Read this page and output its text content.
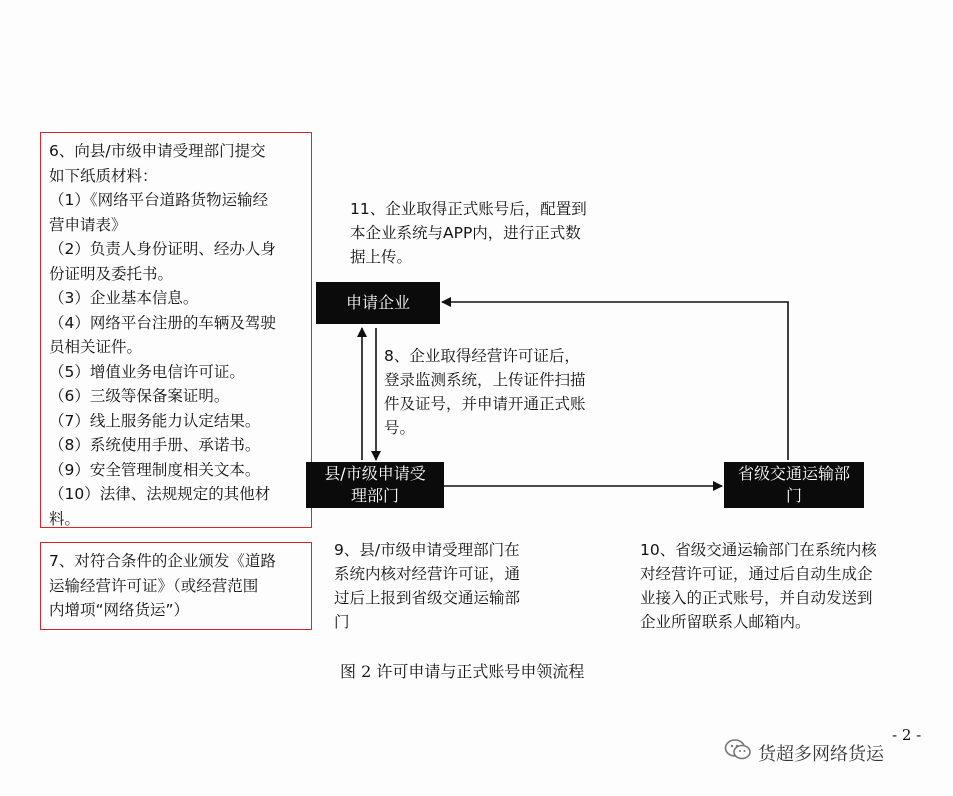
6、向县/市级申请受理部门提交
如下纸质材料：
（1）《网络平台道路货物运输经
营申请表》
（2）负责人身份证明、经办人身
份证明及委托书。
（3）企业基本信息。
（4）网络平台注册的车辆及驾驶
员相关证件。
（5）增值业务电信许可证。
（6）三级等保备案证明。
（7）线上服务能力认定结果。
（8）系统使用手册、承诺书。
（9）安全管理制度相关文本。
（10）法律、法规规定的其他材
料。
7、对符合条件的企业颁发《道路
运输经营许可证》（或经营范围
内增项“网络货运”）
申请企业
县/市级申请受
理部门
省级交通运输部
门
11、企业取得正式账号后，配置到
本企业系统与APP内，进行正式数
据上传。
8、企业取得经营许可证后，
登录监测系统，上传证件扫描
件及证号，并申请开通正式账
号。
9、县/市级申请受理部门在
系统内核对经营许可证，通
过后上报到省级交通运输部
门
10、省级交通运输部门在系统内核
对经营许可证，通过后自动生成企
业接入的正式账号，并自动发送到
企业所留联系人邮箱内。
图 2 许可申请与正式账号申领流程
- 2 -
货超多网络货运
